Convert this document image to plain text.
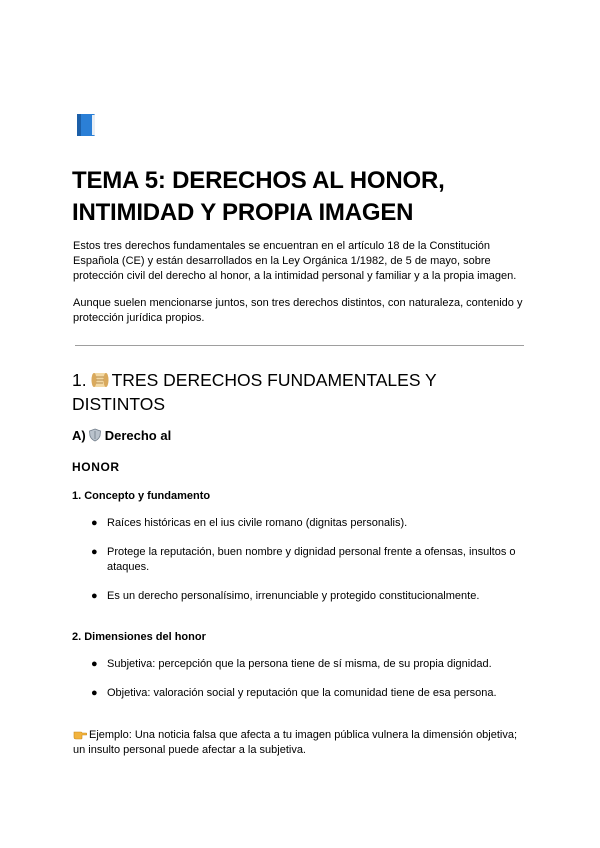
TEMA 5: DERECHOS AL HONOR, INTIMIDAD Y PROPIA IMAGEN

Estos tres derechos fundamentales se encuentran en el artículo 18 de la Constitución Española (CE) y están desarrollados en la Ley Orgánica 1/1982, de 5 de mayo, sobre protección civil del derecho al honor, a la intimidad personal y familiar y a la propia imagen.

Aunque suelen mencionarse juntos, son tres derechos distintos, con naturaleza, contenido y protección jurídica propios.

1. TRES DERECHOS FUNDAMENTALES Y DISTINTOS
A) Derecho al
HONOR
1. Concepto y fundamento
● Raíces históricas en el ius civile romano (dignitas personalis).
● Protege la reputación, buen nombre y dignidad personal frente a ofensas, insultos o ataques.
● Es un derecho personalísimo, irrenunciable y protegido constitucionalmente.
2. Dimensiones del honor
● Subjetiva: percepción que la persona tiene de sí misma, de su propia dignidad.
● Objetiva: valoración social y reputación que la comunidad tiene de esa persona.

Ejemplo: Una noticia falsa que afecta a tu imagen pública vulnera la dimensión objetiva; un insulto personal puede afectar a la subjetiva.
